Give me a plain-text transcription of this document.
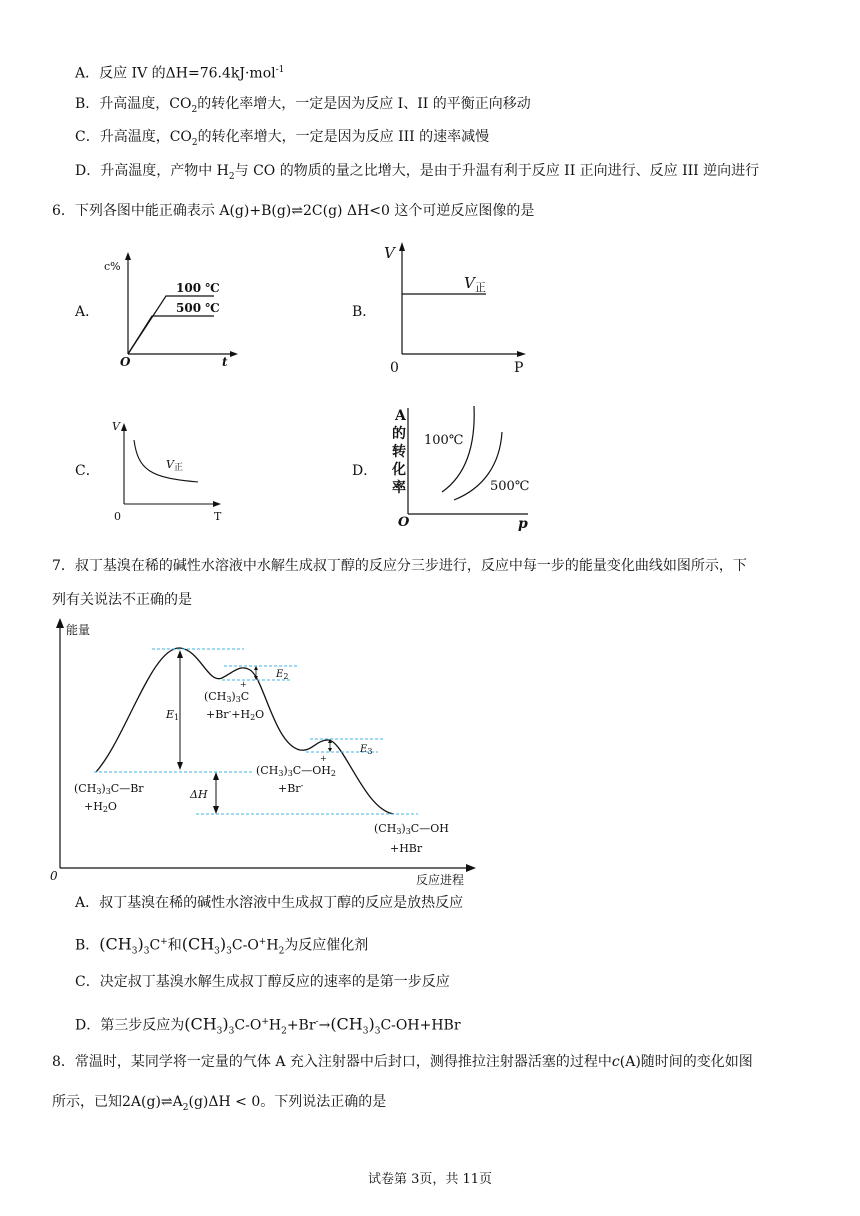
A．反应 IV 的ΔH=76.4kJ·mol$^{-1}$
B．升高温度，$CO_2$的转化率增大，一定是因为反应 I、II 的平衡正向移动
C．升高温度，$CO_2$的转化率增大，一定是因为反应 III 的速率减慢
D．升高温度，产物中 $H_2$与 CO 的物质的量之比增大，是由于升温有利于反应 II 正向进行、反应 III 逆向进行
6．下列各图中能正确表示 A(g)+B(g)⇌2C(g) ΔH<0 这个可逆反应图像的是
A．	B．
C．	D．
c%
O	t
100 ℃
500 ℃
V
0	P
$V_正$
V
0	T
V正
A
的
转
化
率
O	p
100℃
500℃
7．叔丁基溴在稀的碱性水溶液中水解生成叔丁醇的反应分三步进行，反应中每一步的能量变化曲线如图所示，下
列有关说法不正确的是
能量
0	反应进程
E1
$E_2$
$E_3$
ΔH
(CH3)3C—Br
+H2O
+
(CH3)3C
+Br-+H2O
+
(CH3)3C—OH2
+Br-
(CH3)3C—OH
+HBr
A．叔丁基溴在稀的碱性水溶液中生成叔丁醇的反应是放热反应
B．$(CH_3)_3C^+$和$(CH_3)_3C-O^+H_2$为反应催化剂
C．决定叔丁基溴水解生成叔丁醇反应的速率的是第一步反应
D．第三步反应为$(CH_3)_3C-O^+H_2+Br^-\to(CH_3)_3C-OH+HBr$
8．常温时，某同学将一定量的气体 A 充入注射器中后封口，测得推拉注射器活塞的过程中c(A)随时间的变化如图
所示，已知$2A(g)\rightleftharpoons A_2(g)\Delta H < 0$。下列说法正确的是
试卷第 3页，共 11页
